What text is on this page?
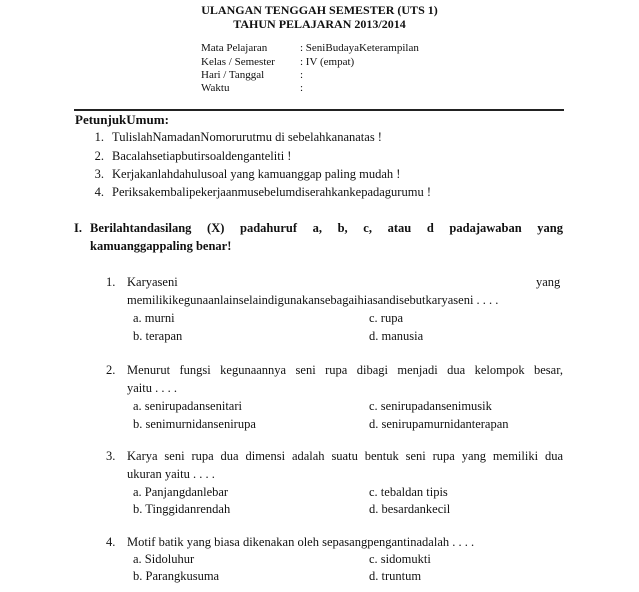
ULANGAN TENGGAH SEMESTER (UTS 1)
TAHUN PELAJARAN 2013/2014
Mata Pelajaran	: SeniBudayaKeterampilan
Kelas / Semester : IV (empat)
Hari / Tanggal	:
Waktu	:
PetunjukUmum:
1. TulislahNamadanNomorurutmu di sebelahkananatas !
2. Bacalahsetiapbutirsoaldenganteliti !
3. Kerjakanlahdahulusoal yang kamuanggap paling mudah !
4. Periksakembalipekerjaanmusebelumdiserahkankepadagurumu !
I. Berilahtandasilang (X) padahuruf a, b, c, atau d padajawaban yang
kamuanggappaling benar!
1. Karyaseni	yang
memilikikegunaanlainselaindigunakansebagaihiasandisebutkaryaseni . . . .
a. murni	c. rupa
b. terapan	d. manusia
2. Menurut fungsi kegunaannya seni rupa dibagi menjadi dua kelompok besar,
yaitu . . . .
a. senirupadansenitari	c. senirupadansenimusik
b. senimurnidansenirupa	d. senirupamurnidanterapan
3. Karya seni rupa dua dimensi adalah suatu bentuk seni rupa yang memiliki dua
ukuran yaitu . . . .
a. Panjangdanlebar	c. tebaldan tipis
b. Tinggidanrendah	d. besardankecil
4. Motif batik yang biasa dikenakan oleh sepasangpengantinadalah . . . .
a. Sidoluhur	c. sidomukti
b. Parangkusuma	d. truntum
